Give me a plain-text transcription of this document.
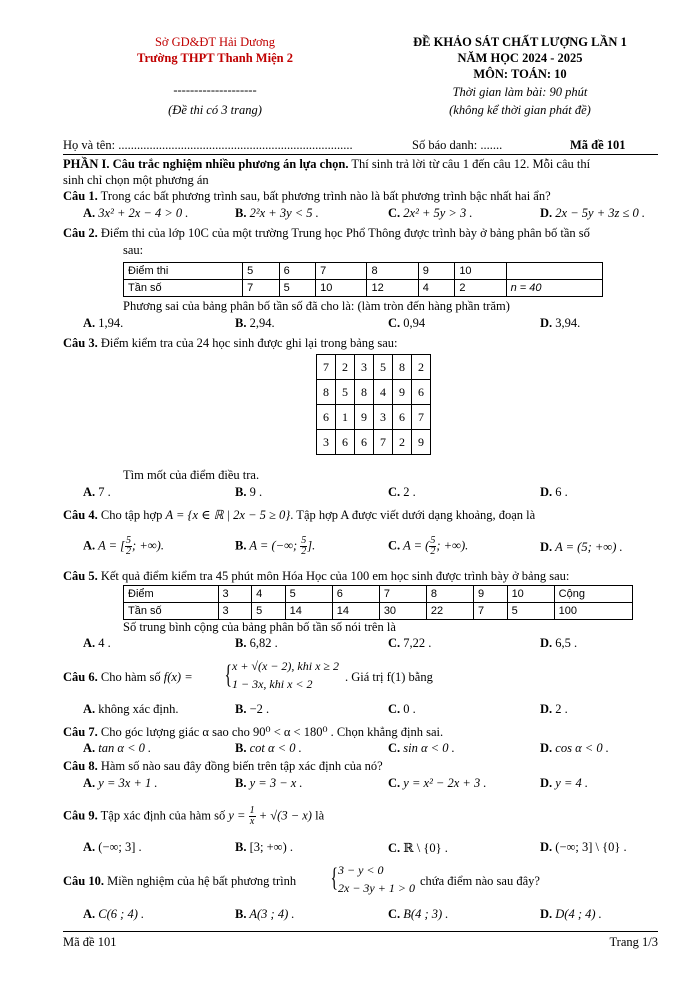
Sở GD&ĐT Hải Dương
Trường THPT Thanh Miện 2
--------------------
(Đề thi có 3 trang)
ĐỀ KHẢO SÁT CHẤT LƯỢNG LẦN 1
NĂM HỌC 2024 - 2025
MÔN: TOÁN: 10
Thời gian làm bài: 90 phút
(không kể thời gian phát đề)
Họ và tên: ...........................................................................	Số báo danh: .......	Mã đề 101
PHẦN I. Câu trắc nghiệm nhiều phương án lựa chọn. Thí sinh trả lời từ câu 1 đến câu 12. Mỗi câu thí
sinh chỉ chọn một phương án
Câu 1. Trong các bất phương trình sau, bất phương trình nào là bất phương trình bậc nhất hai ẩn?
A. 3x² + 2x − 4 > 0 .	B. 2²x + 3y < 5 .	C. 2x² + 5y > 3 .	D. 2x − 5y + 3z ≤ 0 .
Câu 2. Điểm thi của lớp 10C của một trường Trung học Phổ Thông được trình bày ở bảng phân bố tần số
sau:
Điểm thi	5	6	7	8	9	10	
Tần số	7	5	10	12	4	2	n = 40
Phương sai của bảng phân bố tần số đã cho là: (làm tròn đến hàng phần trăm)
A. 1,94.	B. 2,94.	C. 0,94	D. 3,94.
Câu 3. Điểm kiểm tra của 24 học sinh được ghi lại trong bảng sau:
7	2	3	5	8	2
8	5	8	4	9	6
6	1	9	3	6	7
3	6	6	7	2	9
Tìm mốt của điểm điều tra.
A. 7 .	B. 9 .	C. 2 .	D. 6 .
Câu 4. Cho tập hợp A = {x ∈ ℝ | 2x − 5 ≥ 0}. Tập hợp A được viết dưới dạng khoảng, đoạn là
A. A = [ $\frac{5}{2}$ ; +∞).	B. A = (−∞; $\frac{5}{2}$ ].	C. A = ( $\frac{5}{2}$ ; +∞).	D. A = (5; +∞) .
Câu 5. Kết quả điểm kiểm tra 45 phút môn Hóa Học của 100 em học sinh được trình bày ở bảng sau:
Điểm	3	4	5	6	7	8	9	10	Cộng
Tần số	3	5	14	14	30	22	7	5	100
Số trung bình cộng của bảng phân bố tần số nói trên là
A. 4 .	B. 6,82 .	C. 7,22 .	D. 6,5 .
Câu 6. Cho hàm số f(x) =	{ x + √(x − 2), khi x ≥ 2
1 − 3x, khi x < 2	. Giá trị f(1) bằng
A. không xác định.	B. −2 .	C. 0 .	D. 2 .
Câu 7. Cho góc lượng giác α sao cho 90⁰ < α < 180⁰ . Chọn khẳng định sai.
A. tan α < 0 .	B. cot α < 0 .	C. sin α < 0 .	D. cos α < 0 .
Câu 8. Hàm số nào sau đây đồng biến trên tập xác định của nó?
A. y = 3x + 1 .	B. y = 3 − x .	C. y = x² − 2x + 3 .	D. y = 4 .
Câu 9. Tập xác định của hàm số $y = \frac{1}{x} + √(3 - x)$ là
A. (−∞; 3] .	B. [3; +∞) .	C. ℝ \ {0} .	D. (−∞; 3] \ {0} .
Câu 10. Miền nghiệm của hệ bất phương trình	{ 3 − y < 0
2x − 3y + 1 > 0 chứa điểm nào sau đây?
A. C(6 ; 4) .	B. A(3 ; 4) .	C. B(4 ; 3) .	D. D(4 ; 4) .
Mã đề 101	Trang 1/3
